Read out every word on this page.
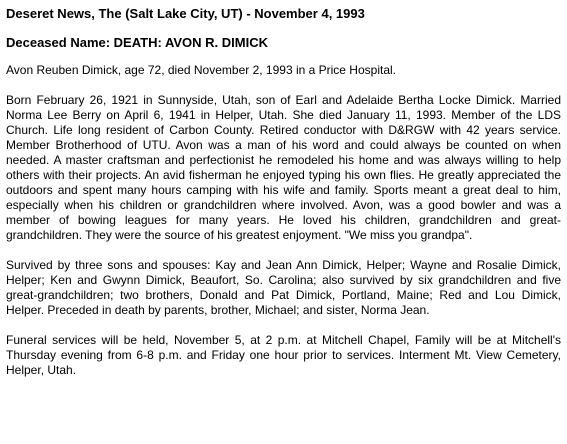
Deseret News, The (Salt Lake City, UT) - November 4, 1993

Deceased Name: DEATH: AVON R. DIMICK

Avon Reuben Dimick, age 72, died November 2, 1993 in a Price Hospital.

Born February 26, 1921 in Sunnyside, Utah, son of Earl and Adelaide Bertha Locke Dimick. Married Norma Lee Berry on April 6, 1941 in Helper, Utah. She died January 11, 1993. Member of the LDS Church. Life long resident of Carbon County. Retired conductor with D&RGW with 42 years service. Member Brotherhood of UTU. Avon was a man of his word and could always be counted on when needed. A master craftsman and perfectionist he remodeled his home and was always willing to help others with their projects. An avid fisherman he enjoyed typing his own flies. He greatly appreciated the outdoors and spent many hours camping with his wife and family. Sports meant a great deal to him, especially when his children or grandchildren where involved. Avon, was a good bowler and was a member of bowing leagues for many years. He loved his children, grandchildren and great-grandchildren. They were the source of his greatest enjoyment. "We miss you grandpa".

Survived by three sons and spouses: Kay and Jean Ann Dimick, Helper; Wayne and Rosalie Dimick, Helper; Ken and Gwynn Dimick, Beaufort, So. Carolina; also survived by six grandchildren and five great-grandchildren; two brothers, Donald and Pat Dimick, Portland, Maine; Red and Lou Dimick, Helper. Preceded in death by parents, brother, Michael; and sister, Norma Jean.

Funeral services will be held, November 5, at 2 p.m. at Mitchell Chapel, Family will be at Mitchell's Thursday evening from 6-8 p.m. and Friday one hour prior to services. Interment Mt. View Cemetery, Helper, Utah.
